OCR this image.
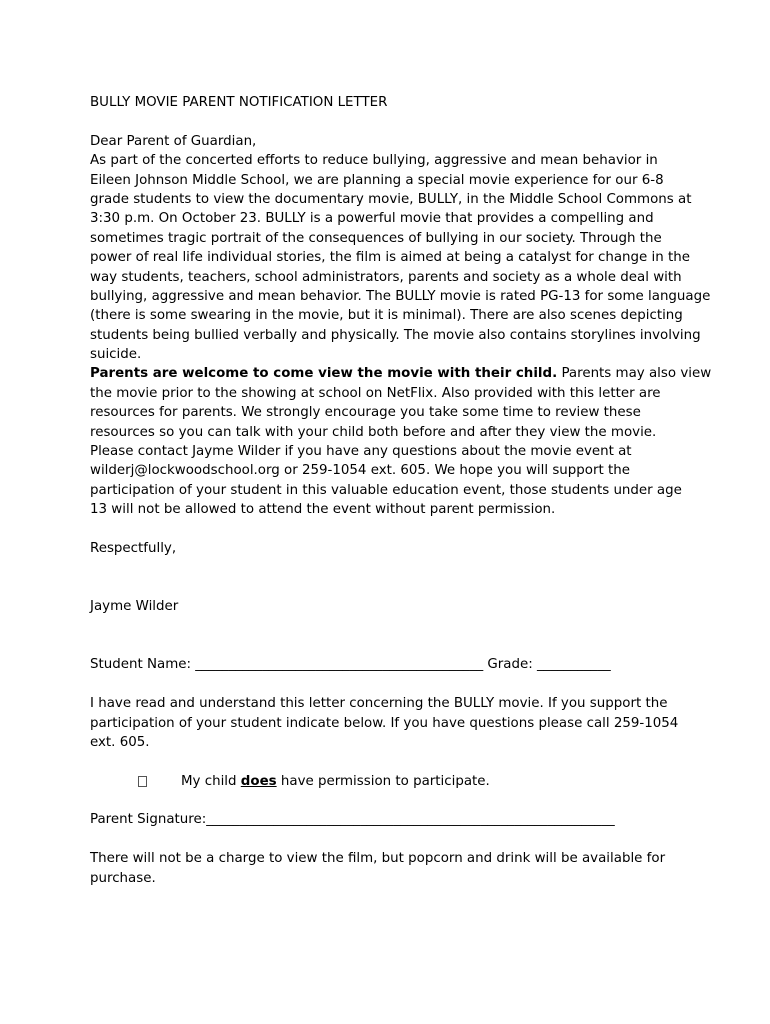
BULLY MOVIE PARENT NOTIFICATION LETTER
Dear Parent of Guardian,
As part of the concerted efforts to reduce bullying, aggressive and mean behavior in
Eileen Johnson Middle School, we are planning a special movie experience for our 6-8
grade students to view the documentary movie, BULLY, in the Middle School Commons at
3:30 p.m. On October 23. BULLY is a powerful movie that provides a compelling and
sometimes tragic portrait of the consequences of bullying in our society. Through the
power of real life individual stories, the film is aimed at being a catalyst for change in the
way students, teachers, school administrators, parents and society as a whole deal with
bullying, aggressive and mean behavior. The BULLY movie is rated PG-13 for some language
(there is some swearing in the movie, but it is minimal). There are also scenes depicting
students being bullied verbally and physically. The movie also contains storylines involving
suicide.
Parents are welcome to come view the movie with their child. Parents may also view
the movie prior to the showing at school on NetFlix. Also provided with this letter are
resources for parents. We strongly encourage you take some time to review these
resources so you can talk with your child both before and after they view the movie.
Please contact Jayme Wilder if you have any questions about the movie event at
wilderj@lockwoodschool.org or 259-1054 ext. 605. We hope you will support the
participation of your student in this valuable education event, those students under age
13 will not be allowed to attend the event without parent permission.
Respectfully,
Jayme Wilder
Student Name: ___________________________________________ Grade: ___________
I have read and understand this letter concerning the BULLY movie. If you support the
participation of your student indicate below. If you have questions please call 259-1054
ext. 605.
My child does have permission to participate.
Parent Signature:_____________________________________________________________
There will not be a charge to view the film, but popcorn and drink will be available for
purchase.
